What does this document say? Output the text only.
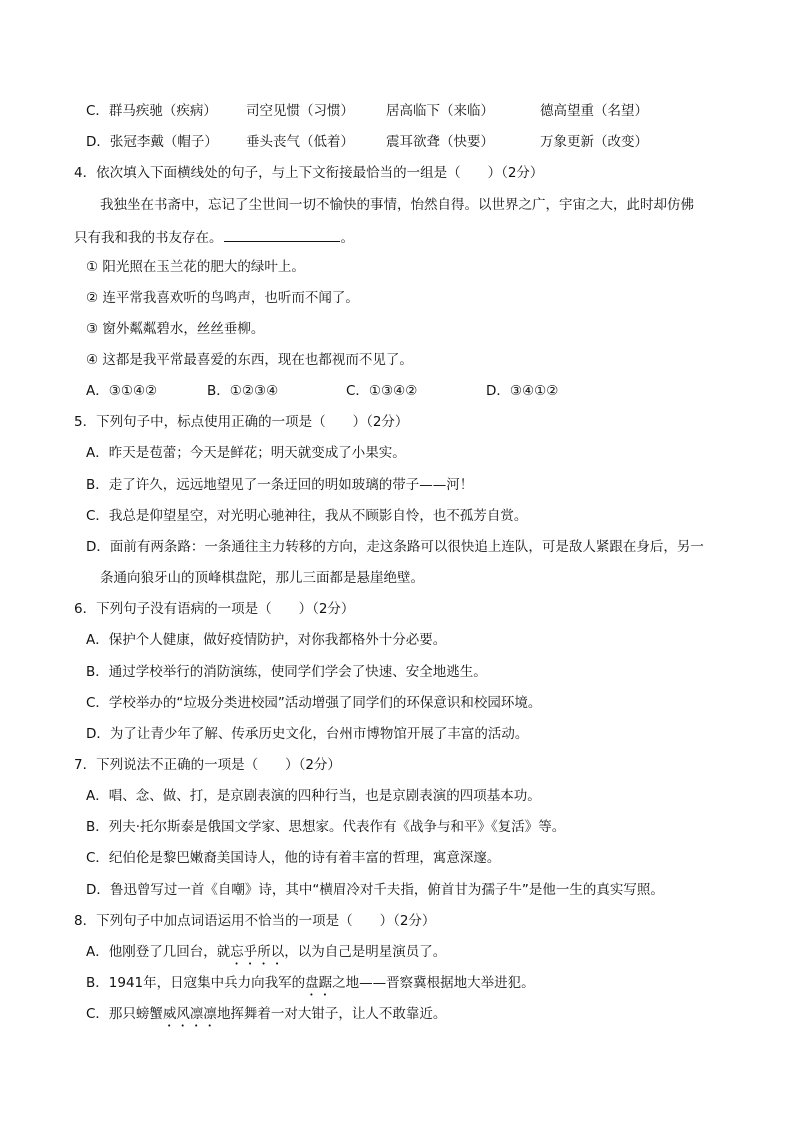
C．群马疾驰（疾病） 司空见惯（习惯） 居高临下（来临）	德高望重（名望）
D．张冠李戴（帽子） 垂头丧气（低着） 震耳欲聋（快要）	万象更新（改变）
4．依次填入下面横线处的句子，与上下文衔接最恰当的一组是（　　）（2分）
我独坐在书斋中，忘记了尘世间一切不愉快的事情，怡然自得。以世界之广，宇宙之大，此时却仿佛
只有我和我的书友存在。	。
① 阳光照在玉兰花的肥大的绿叶上。
② 连平常我喜欢听的鸟鸣声，也听而不闻了。
③ 窗外粼粼碧水，丝丝垂柳。
④ 这都是我平常最喜爱的东西，现在也都视而不见了。
A．③①④②	B．①②③④	C．①③④②	D．③④①②
5．下列句子中，标点使用正确的一项是（　　）（2分）
A．昨天是苞蕾；今天是鲜花；明天就变成了小果实。
B．走了许久，远远地望见了一条迂回的明如玻璃的带子——河！
C．我总是仰望星空，对光明心驰神往，我从不顾影自怜，也不孤芳自赏。
D．面前有两条路：一条通往主力转移的方向，走这条路可以很快追上连队，可是敌人紧跟在身后，另一
条通向狼牙山的顶峰棋盘陀，那儿三面都是悬崖绝壁。
6．下列句子没有语病的一项是（　　）（2分）
A．保护个人健康，做好疫情防护，对你我都格外十分必要。
B．通过学校举行的消防演练，使同学们学会了快速、安全地逃生。
C．学校举办的“垃圾分类进校园”活动增强了同学们的环保意识和校园环境。
D．为了让青少年了解、传承历史文化，台州市博物馆开展了丰富的活动。
7．下列说法不正确的一项是（　　）（2分）
A．唱、念、做、打，是京剧表演的四种行当，也是京剧表演的四项基本功。
B．列夫·托尔斯泰是俄国文学家、思想家。代表作有《战争与和平》《复活》等。
C．纪伯伦是黎巴嫩裔美国诗人，他的诗有着丰富的哲理，寓意深邃。
D．鲁迅曾写过一首《自嘲》诗，其中“横眉冷对千夫指，俯首甘为孺子牛”是他一生的真实写照。
8．下列句子中加点词语运用不恰当的一项是（　　）（2分）
A．他刚登了几回台，就忘乎所以，以为自己是明星演员了。
B．1941年，日寇集中兵力向我军的盘踞之地——晋察冀根据地大举进犯。
C．那只螃蟹威风凛凛地挥舞着一对大钳子，让人不敢靠近。
